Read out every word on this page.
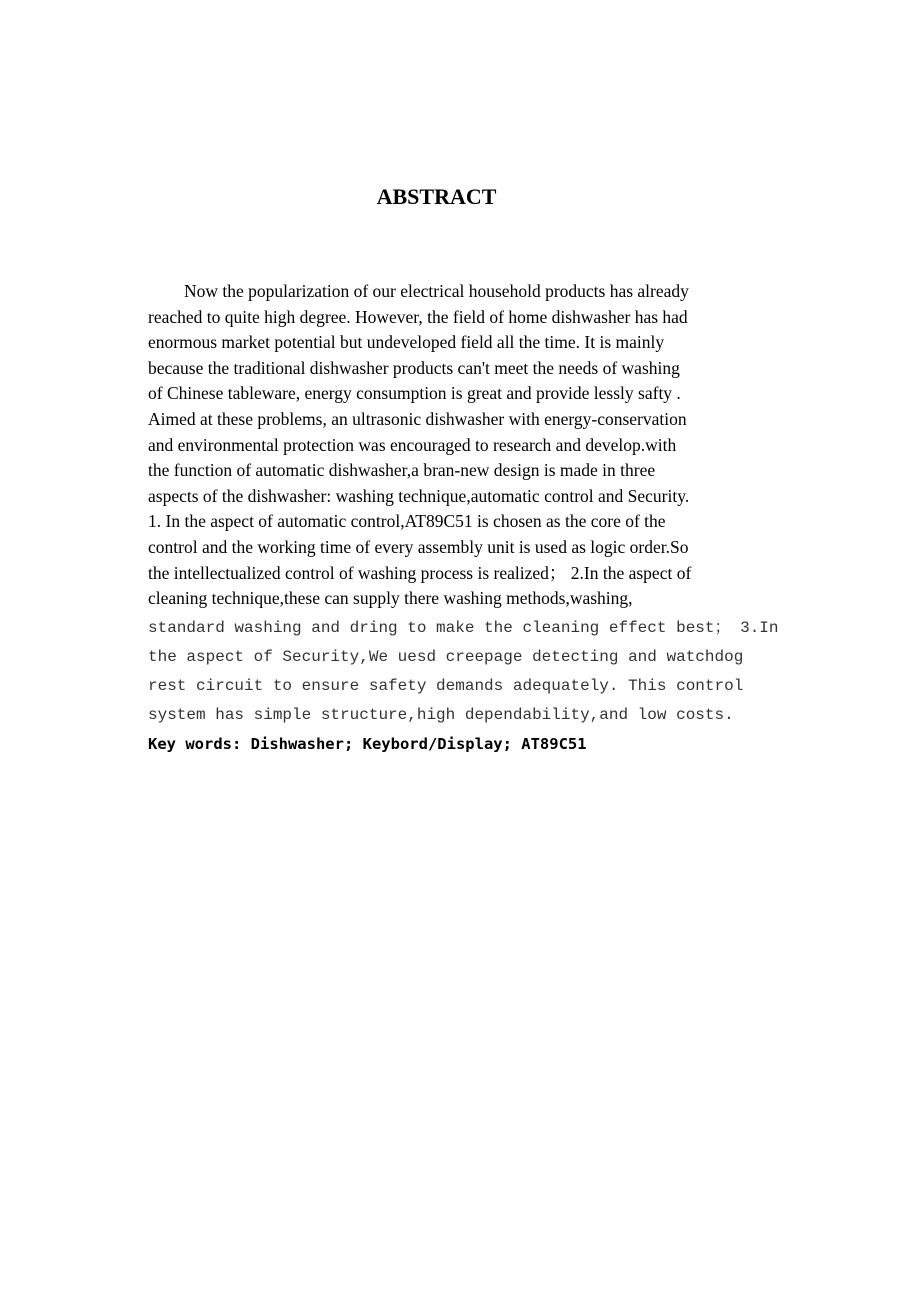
ABSTRACT
Now the popularization of our electrical household products has already
reached to quite high degree. However, the field of home dishwasher has had
enormous market potential but undeveloped field all the time. It is mainly
because the traditional dishwasher products can't meet the needs of washing
of Chinese tableware, energy consumption is great and provide lessly safty .
Aimed at these problems, an ultrasonic dishwasher with energy-conservation
and environmental protection was encouraged to research and develop.with
the function of automatic dishwasher,a bran-new design is made in three
aspects of the dishwasher: washing technique,automatic control and Security.
1. In the aspect of automatic control,AT89C51 is chosen as the core of the
control and the working time of every assembly unit is used as logic order.So
the intellectualized control of washing process is realized； 2.In the aspect of
cleaning technique,these can supply there washing methods,washing,
standard washing and dring to make the cleaning effect best； 3.In
the aspect of Security,We uesd creepage detecting and watchdog
rest circuit to ensure safety demands adequately. This control
system has simple structure,high dependability,and low costs.

Key words: Dishwasher; Keybord/Display; AT89C51
